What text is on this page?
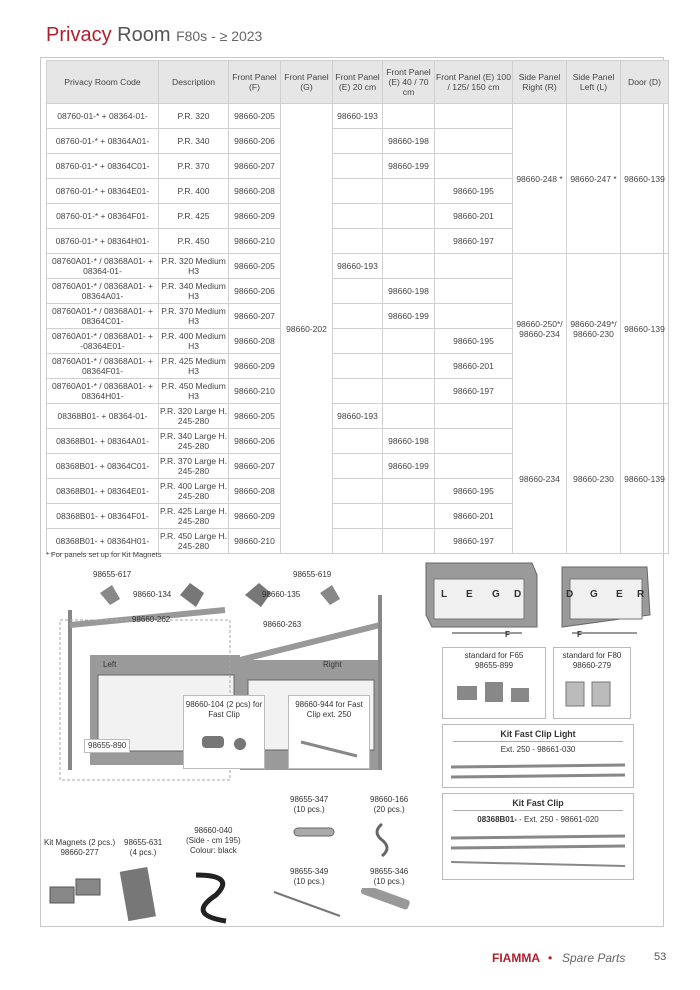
Privacy Room F80s - ≥ 2023
Privacy Room Code	Description	Front Panel (F)	Front Panel (G)	Front Panel (E) 20 cm	Front Panel (E) 40 / 70 cm	Front Panel (E) 100 / 125/ 150 cm	Side Panel Right (R)	Side Panel Left (L)	Door (D)
08760-01-* + 08364-01-	P.R. 320	98660-205	98660-202	98660-193			98660-248 *	98660-247 *	98660-139
08760-01-* + 08364A01-	P.R. 340	98660-206			98660-198				
08760-01-* + 08364C01-	P.R. 370	98660-207			98660-199				
08760-01-* + 08364E01-	P.R. 400	98660-208				98660-195			
08760-01-* + 08364F01-	P.R. 425	98660-209				98660-201			
08760-01-* + 08364H01-	P.R. 450	98660-210				98660-197			
08760A01-* / 08368A01- + 08364-01-	P.R. 320 Medium H3	98660-205		98660-193			98660-250*/ 98660-234	98660-249*/ 98660-230	98660-139
08760A01-* / 08368A01- + 08364A01-	P.R. 340 Medium H3	98660-206			98660-198				
08760A01-* / 08368A01- + 08364C01-	P.R. 370 Medium H3	98660-207			98660-199				
08760A01-* / 08368A01- + -08364E01-	P.R. 400 Medium H3	98660-208				98660-195			
08760A01-* / 08368A01- + 08364F01-	P.R. 425 Medium H3	98660-209				98660-201			
08760A01-* / 08368A01- + 08364H01-	P.R. 450 Medium H3	98660-210				98660-197			
08368B01- + 08364-01-	P.R. 320 Large H. 245-280	98660-205		98660-193			98660-234	98660-230	98660-139
08368B01- + 08364A01-	P.R. 340 Large H. 245-280	98660-206			98660-198				
08368B01- + 08364C01-	P.R. 370 Large H. 245-280	98660-207			98660-199				
08368B01- + 08364E01-	P.R. 400 Large H. 245-280	98660-208				98660-195			
08368B01- + 08364F01-	P.R. 425 Large H. 245-280	98660-209				98660-201			
08368B01- + 08364H01-	P.R. 450 Large H. 245-280	98660-210				98660-197			
* For panels set up for Kit Magnets
98655-617	98655-619
98660-134	98660-135
98660-262
98660-263
Left	Right
98660-104 (2 pcs) for Fast Clip
98660-944 for Fast Clip ext. 250
98655-890
L E G D	D G E R
F	F
standard for F65
98655-899
standard for F80
98660-279
Kit Fast Clip Light
Ext. 250 - 98661-030
Kit Fast Clip
08368B01- - Ext. 250 - 98661-020
98655-347
(10 pcs.)
98660-166
(20 pcs.)
98655-349
(10 pcs.)
98655-346
(10 pcs.)
Kit Magnets (2 pcs.)
98660-277
98655-631
(4 pcs.)
98660-040
(Side - cm 195)
Colour: black
FIAMMA • Spare Parts	53
